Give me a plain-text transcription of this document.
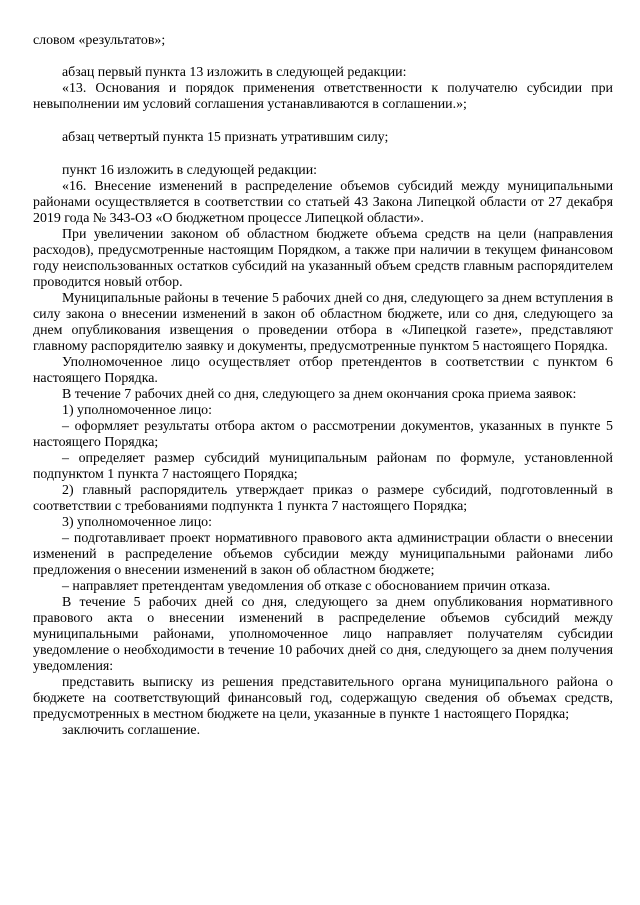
словом «результатов»;

абзац первый пункта 13 изложить в следующей редакции:

«13. Основания и порядок применения ответственности к получателю субсидии при невыполнении им условий соглашения устанавливаются в соглашении.»;

абзац четвертый пункта 15 признать утратившим силу;

пункт 16 изложить в следующей редакции:

«16. Внесение изменений в распределение объемов субсидий между муниципальными районами осуществляется в соответствии со статьей 43 Закона Липецкой области от 27 декабря 2019 года № 343-ОЗ «О бюджетном процессе Липецкой области».

При увеличении законом об областном бюджете объема средств на цели (направления расходов), предусмотренные настоящим Порядком, а также при наличии в текущем финансовом году неиспользованных остатков субсидий на указанный объем средств главным распорядителем проводится новый отбор.

Муниципальные районы в течение 5 рабочих дней со дня, следующего за днем вступления в силу закона о внесении изменений в закон об областном бюджете, или со дня, следующего за днем опубликования извещения о проведении отбора в «Липецкой газете», представляют главному распорядителю заявку и документы, предусмотренные пунктом 5 настоящего Порядка.

Уполномоченное лицо осуществляет отбор претендентов в соответствии с пунктом 6 настоящего Порядка.

В течение 7 рабочих дней со дня, следующего за днем окончания срока приема заявок:

1) уполномоченное лицо:

– оформляет результаты отбора актом о рассмотрении документов, указанных в пункте 5 настоящего Порядка;

– определяет размер субсидий муниципальным районам по формуле, установленной подпунктом 1 пункта 7 настоящего Порядка;

2) главный распорядитель утверждает приказ о размере субсидий, подготовленный в соответствии с требованиями подпункта 1 пункта 7 настоящего Порядка;

3) уполномоченное лицо:

– подготавливает проект нормативного правового акта администрации области о внесении изменений в распределение объемов субсидии между муниципальными районами либо предложения о внесении изменений в закон об областном бюджете;

– направляет претендентам уведомления об отказе с обоснованием причин отказа.

В течение 5 рабочих дней со дня, следующего за днем опубликования нормативного правового акта о внесении изменений в распределение объемов субсидий между муниципальными районами, уполномоченное лицо направляет получателям субсидии уведомление о необходимости в течение 10 рабочих дней со дня, следующего за днем получения уведомления:

представить выписку из решения представительного органа муниципального района о бюджете на соответствующий финансовый год, содержащую сведения об объемах средств, предусмотренных в местном бюджете на цели, указанные в пункте 1 настоящего Порядка;

заключить соглашение.
